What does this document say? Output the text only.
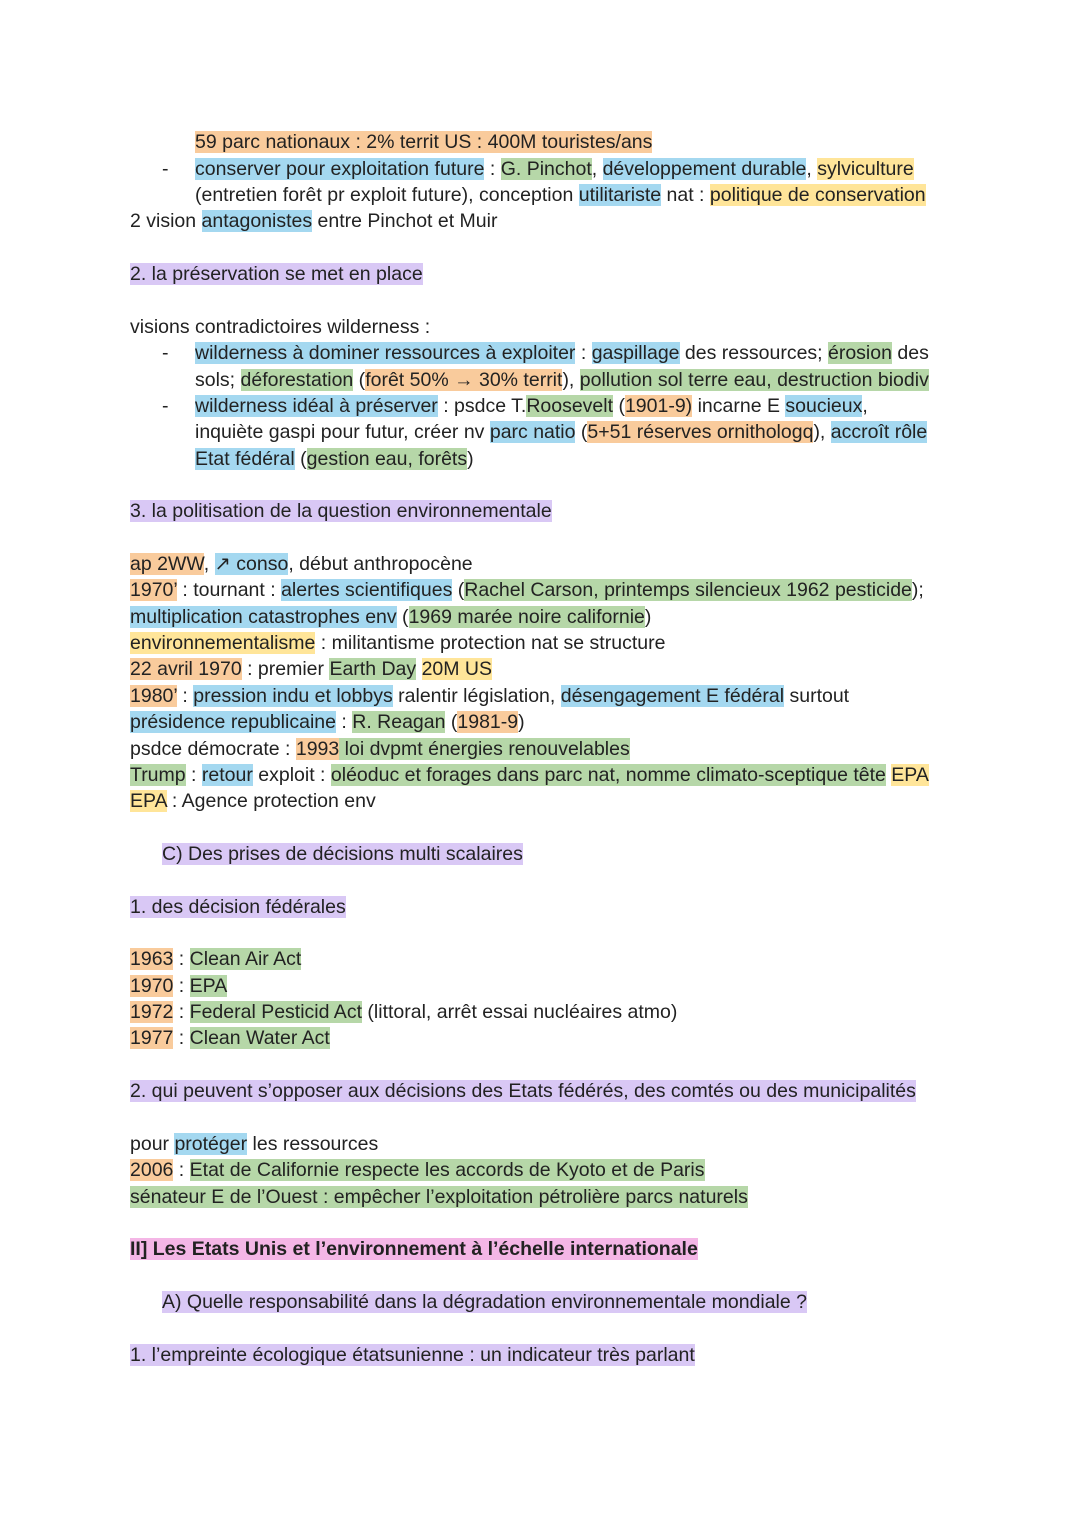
59 parc nationaux : 2% territ US : 400M touristes/ans
- conserver pour exploitation future : G. Pinchot, développement durable, sylviculture
(entretien forêt pr exploit future), conception utilitariste nat : politique de conservation
2 vision antagonistes entre Pinchot et Muir
2. la préservation se met en place
visions contradictoires wilderness :
- wilderness à dominer ressources à exploiter : gaspillage des ressources; érosion des
sols; déforestation (forêt 50% → 30% territ), pollution sol terre eau, destruction biodiv
- wilderness idéal à préserver : psdce T.Roosevelt (1901-9) incarne E soucieux,
inquiète gaspi pour futur, créer nv parc natio (5+51 réserves ornithologq), accroît rôle
Etat fédéral (gestion eau, forêts)
3. la politisation de la question environnementale
ap 2WW, ↗ conso, début anthropocène
1970’ : tournant : alertes scientifiques (Rachel Carson, printemps silencieux 1962 pesticide);
multiplication catastrophes env (1969 marée noire californie)
environnementalisme : militantisme protection nat se structure
22 avril 1970 : premier Earth Day 20M US
1980’ : pression indu et lobbys ralentir législation, désengagement E fédéral surtout
présidence republicaine : R. Reagan (1981-9)
psdce démocrate : 1993 loi dvpmt énergies renouvelables
Trump : retour exploit : oléoduc et forages dans parc nat, nomme climato-sceptique tête EPA
EPA : Agence protection env
C) Des prises de décisions multi scalaires
1. des décision fédérales
1963 : Clean Air Act
1970 : EPA
1972 : Federal Pesticid Act (littoral, arrêt essai nucléaires atmo)
1977 : Clean Water Act
2. qui peuvent s’opposer aux décisions des Etats fédérés, des comtés ou des municipalités
pour protéger les ressources
2006 : Etat de Californie respecte les accords de Kyoto et de Paris
sénateur E de l’Ouest : empêcher l’exploitation pétrolière parcs naturels
II] Les Etats Unis et l’environnement à l’échelle internationale
A) Quelle responsabilité dans la dégradation environnementale mondiale ?
1. l’empreinte écologique étatsunienne : un indicateur très parlant
